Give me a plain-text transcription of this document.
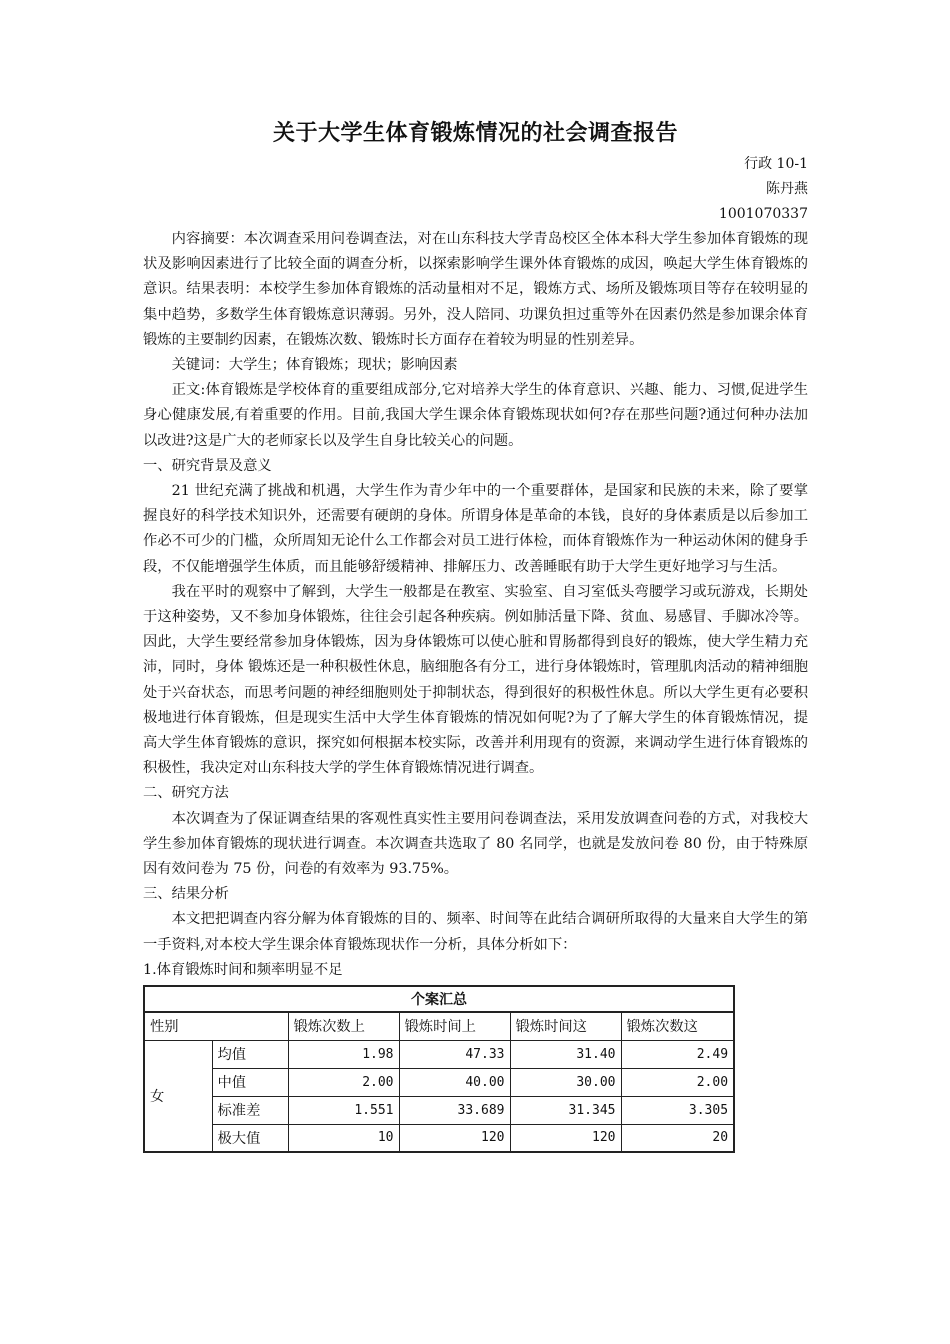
关于大学生体育锻炼情况的社会调查报告
行政 10-1
陈丹燕
1001070337

内容摘要：本次调查采用问卷调查法，对在山东科技大学青岛校区全体本科大学生参加体育锻炼的现状及影响因素进行了比较全面的调查分析，以探索影响学生课外体育锻炼的成因，唤起大学生体育锻炼的意识。结果表明：本校学生参加体育锻炼的活动量相对不足，锻炼方式、场所及锻炼项目等存在较明显的集中趋势，多数学生体育锻炼意识薄弱。另外，没人陪同、功课负担过重等外在因素仍然是参加课余体育锻炼的主要制约因素，在锻炼次数、锻炼时长方面存在着较为明显的性别差异。

关键词：大学生；体育锻炼；现状；影响因素

正文:体育锻炼是学校体育的重要组成部分,它对培养大学生的体育意识、兴趣、能力、习惯,促进学生身心健康发展,有着重要的作用。目前,我国大学生课余体育锻炼现状如何?存在那些问题?通过何种办法加以改进?这是广大的老师家长以及学生自身比较关心的问题。

一、研究背景及意义

21 世纪充满了挑战和机遇，大学生作为青少年中的一个重要群体，是国家和民族的未来，除了要掌握良好的科学技术知识外，还需要有硬朗的身体。所谓身体是革命的本钱，良好的身体素质是以后参加工作必不可少的门槛，众所周知无论什么工作都会对员工进行体检，而体育锻炼作为一种运动休闲的健身手段，不仅能增强学生体质，而且能够舒缓精神、排解压力、改善睡眠有助于大学生更好地学习与生活。

我在平时的观察中了解到，大学生一般都是在教室、实验室、自习室低头弯腰学习或玩游戏，长期处于这种姿势，又不参加身体锻炼，往往会引起各种疾病。例如肺活量下降、贫血、易感冒、手脚冰冷等。因此，大学生要经常参加身体锻炼，因为身体锻炼可以使心脏和胃肠都得到良好的锻炼，使大学生精力充沛，同时，身体 锻炼还是一种积极性休息，脑细胞各有分工，进行身体锻炼时，管理肌肉活动的精神细胞处于兴奋状态，而思考问题的神经细胞则处于抑制状态，得到很好的积极性休息。所以大学生更有必要积极地进行体育锻炼，但是现实生活中大学生体育锻炼的情况如何呢?为了了解大学生的体育锻炼情况，提高大学生体育锻炼的意识，探究如何根据本校实际，改善并利用现有的资源，来调动学生进行体育锻炼的积极性，我决定对山东科技大学的学生体育锻炼情况进行调查。

二、研究方法

本次调查为了保证调查结果的客观性真实性主要用问卷调查法，采用发放调查问卷的方式，对我校大学生参加体育锻炼的现状进行调查。本次调查共选取了 80 名同学，也就是发放问卷 80 份，由于特殊原因有效问卷为 75 份，问卷的有效率为 93.75%。

三、结果分析

本文把把调查内容分解为体育锻炼的目的、频率、时间等在此结合调研所取得的大量来自大学生的第一手资料,对本校大学生课余体育锻炼现状作一分析，具体分析如下：

1.体育锻炼时间和频率明显不足
个案汇总					
性别		锻炼次数上	锻炼时间上	锻炼时间这	锻炼次数这
女	均值	1.98	47.33	31.40	2.49
	中值	2.00	40.00	30.00	2.00
	标准差	1.551	33.689	31.345	3.305
	极大值	10	120	120	20
